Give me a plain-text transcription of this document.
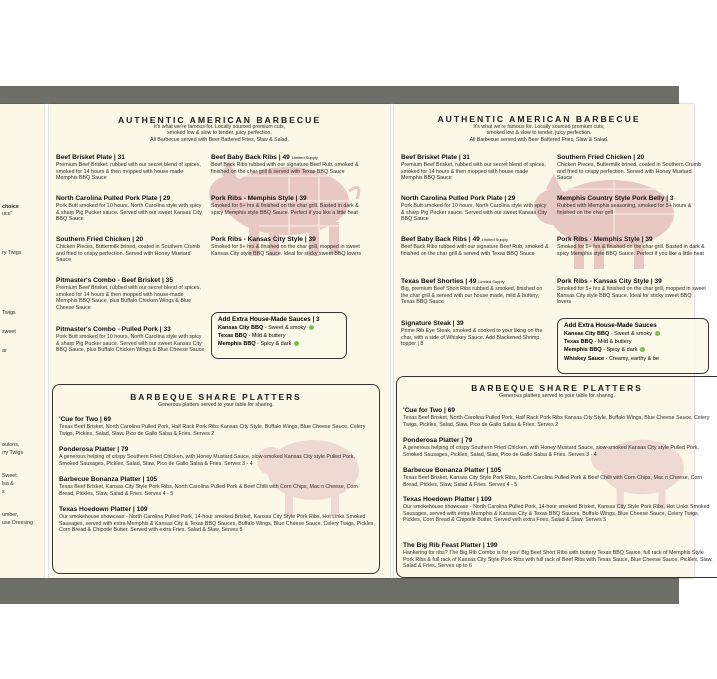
choice
uce"
ry Twigs
Twigs
sweet
ar
outons,
rry Twigs
Sweet
lsa &
s
umber,
use Dressing
AUTHENTIC AMERICAN BARBECUE
It's what we're famous for. Locally sourced premium cuts,
smoked low & slow to tender, juicy perfection.
All Barbecue served with Beer Battered Fries, Slaw & Salad.
Beef Brisket Plate | 31
Premium Beef Brisket, rubbed with our secret blend of spices, smoked for 14 hours & then mopped with house made Memphis BBQ Sauce
North Carolina Pulled Pork Plate | 29
Pork Butt smoked for 10 hours. North Carolina style with spicy & sharp Pig Pucker sauce. Served with our sweet Kansas City BBQ Sauce
Southern Fried Chicken | 20
Chicken Pieces, Buttermilk brined, coated in Southern Crumb and fried to crispy perfection. Served with Honey Mustard Sauce
Pitmaster's Combo - Beef Brisket | 35
Premium Beef Brisket, rubbed with our secret blend of spices, smoked for 14 hours & then mopped with house-made Memphis BBQ Sauce, plus Buffalo Chicken Wings & Blue Cheese Sauce
Pitmaster's Combo - Pulled Pork | 33
Pork Butt smoked for 10 hours, North Carolina style with spicy & sharp Pig Pucker sauce. Served with our sweet Kansas City BBQ Sauce, plus Buffalo Chicken Wings & Blue Cheese Sauce
Beef Baby Back Ribs | 49 $^{Limited Supply}$
Beef Back Ribs rubbed with our signature Beef Rub, smoked & finished on the char grill & served with Texas BBQ Sauce
Pork Ribs - Memphis Style | 39
Smoked for 5+ hrs & finished on the char grill. Basted in dark & spicy Memphis style BBQ Sauce. Perfect if you like a little heat
Pork Ribs - Kansas City Style | 39
Smoked for 5+ hrs & finished on the char grill, mopped in sweet Kansas City style BBQ Sauce. Ideal for sticky sweet BBQ lovers
Add Extra House-Made Sauces | 3
Kansas City BBQ - Sweet & smoky
Texas BBQ - Mild & buttery
Memphis BBQ - Spicy & dark
BARBEQUE SHARE PLATTERS
Generous platters served to your table for sharing.
'Cue for Two | 69
Texas Beef Brisket, North Carolina Pulled Pork, Half Rack Pork Ribs Kansas City Style, Buffalo Wings, Blue Cheese Sauce, Celery Twigs, Pickles, Salad, Slaw, Pico de Gallo Salsa & Fries. Serves 2
Ponderosa Platter | 79
A generous helping of crispy Southern Fried Chicken, with Honey Mustard Sauce, slow-smoked Kansas City style Pulled Pork, Smoked Sausages, Pickles, Salad, Slaw, Pico de Gallo Salsa & Fries. Serves 3 - 4
Barbecue Bonanza Platter | 105
Texas Beef Brisket, Kansas City Style Pork Ribs, North Carolina Pulled Pork & Beef Chilli with Corn Chips, Mac n Cheese, Corn Bread, Pickles, Slaw, Salad & Fries. Serves 4 - 5
Texas Hoedown Platter | 109
Our smokehouse showcase - North Carolina Pulled Pork, 14-hour smoked Brisket, Kansas City Style Pork Ribs, Hot Links Smoked Sausages, served with extra Memphis & Kansas City & Texas BBQ Sauces, Buffalo Wings, Blue Cheese Sauce, Celery Twigs, Pickles, Corn Bread & Chipotle Butter. Served with extra Fries, Salad & Slaw. Serves 5
AUTHENTIC AMERICAN BARBECUE
It's what we're famous for. Locally sourced premium cuts,
smoked low & slow to tender, juicy perfection.
All Barbecue served with Beer Battered Fries, Slaw & Salad.
Beef Brisket Plate | 31
Premium Beef Brisket, rubbed with our secret blend of spices, smoked for 14 hours & then mopped with house made Memphis BBQ Sauce
North Carolina Pulled Pork Plate | 29
Pork Butt smoked for 10 hours, North Carolina style with spicy & sharp Pig Pucker sauce. Served with our sweet Kansas City BBQ Sauce
Beef Baby Back Ribs | 49 $^{Limited Supply}$
Beef Back Ribs rubbed with our signature Beef Rub, smoked & finished on the char grill & served with Texas BBQ Sauce
Texas Beef Shorties | 49 $^{Limited Supply}$
Big, premium Beef Short Ribs rubbed & smoked, finished on the char grill & served with our house made, mild & buttery, Texas BBQ Sauce
Signature Steak | 39
Prime Rib Eye Steak, smoked & cooked to your liking on the char, with a side of Whiskey Sauce. Add Blackened Shrimp topper | 8
Southern Fried Chicken | 20
Chicken Pieces, Buttermilk brined, coated in Southern Crumb and fried to crispy perfection. Served with Honey Mustard Sauce
Memphis Country Style Pork Belly | 3
Rubbed with Memphis seasoning, smoked for 5+ hours & finished on the char grill
Pork Ribs - Memphis Style | 39
Smoked for 5+ hrs & finished on the char grill. Basted in dark & spicy Memphis style BBQ Sauce. Perfect if you like a little heat
Pork Ribs - Kansas City Style | 39
Smoked for 5+ hrs & finished on the char grill, mopped in sweet Kansas City style BBQ Sauce. Ideal for sticky sweet BBQ lovers
Add Extra House-Made Sauces
Kansas City BBQ - Sweet & smoky
Texas BBQ - Mild & buttery
Memphis BBQ - Spicy & dark
Whiskey Sauce - Creamy, earthy & be
BARBEQUE SHARE PLATTERS
Generous platters served to your table for sharing.
'Cue for Two | 69
Texas Beef Brisket, North Carolina Pulled Pork, Half Rack Pork Ribs Kansas City Style, Buffalo Wings, Blue Cheese Sauce, Celery Twigs, Pickles, Salad, Slaw, Pico de Gallo Salsa & Fries. Serves 2
Ponderosa Platter | 79
A generous helping of crispy Southern Fried Chicken, with Honey Mustard Sauce, slow-smoked Kansas City style Pulled Pork, Smoked Sausages, Pickles, Salad, Slaw, Pico de Gallo Salsa & Fries. Serves 3 - 4
Barbecue Bonanza Platter | 105
Texas Beef Brisket, Kansas City Style Pork Ribs, North Carolina Pulled Pork & Beef Chilli with Corn Chips, Mac n Cheese, Corn Bread, Pickles, Slaw, Salad & Fries. Serves 4 - 5
Texas Hoedown Platter | 109
Our smokehouse showcase - North Carolina Pulled Pork, 14-hour smoked Brisket, Kansas City Style Pork Ribs, Hot Links Smoked Sausages, served with extra Memphis & Kansas City & Texas BBQ Sauces, Buffalo Wings, Blue Cheese Sauce, Celery Twigs, Pickles, Corn Bread & Chipotle Butter. Served with extra Fries, Salad & Slaw. Serves 5
The Big Rib Feast Platter | 199
Hankering for ribs? The Big Rib Combo is for you! Big Beef Short Ribs with buttery Texas BBQ Sauce, full rack of Memphis Style Pork Ribs & full rack of Kansas City Style Pork Ribs with full rack of Beef Ribs with Texas Sauce, Blue Cheese Sauce, Pickles, Slaw, Salad & Fries. Serves up to 6
